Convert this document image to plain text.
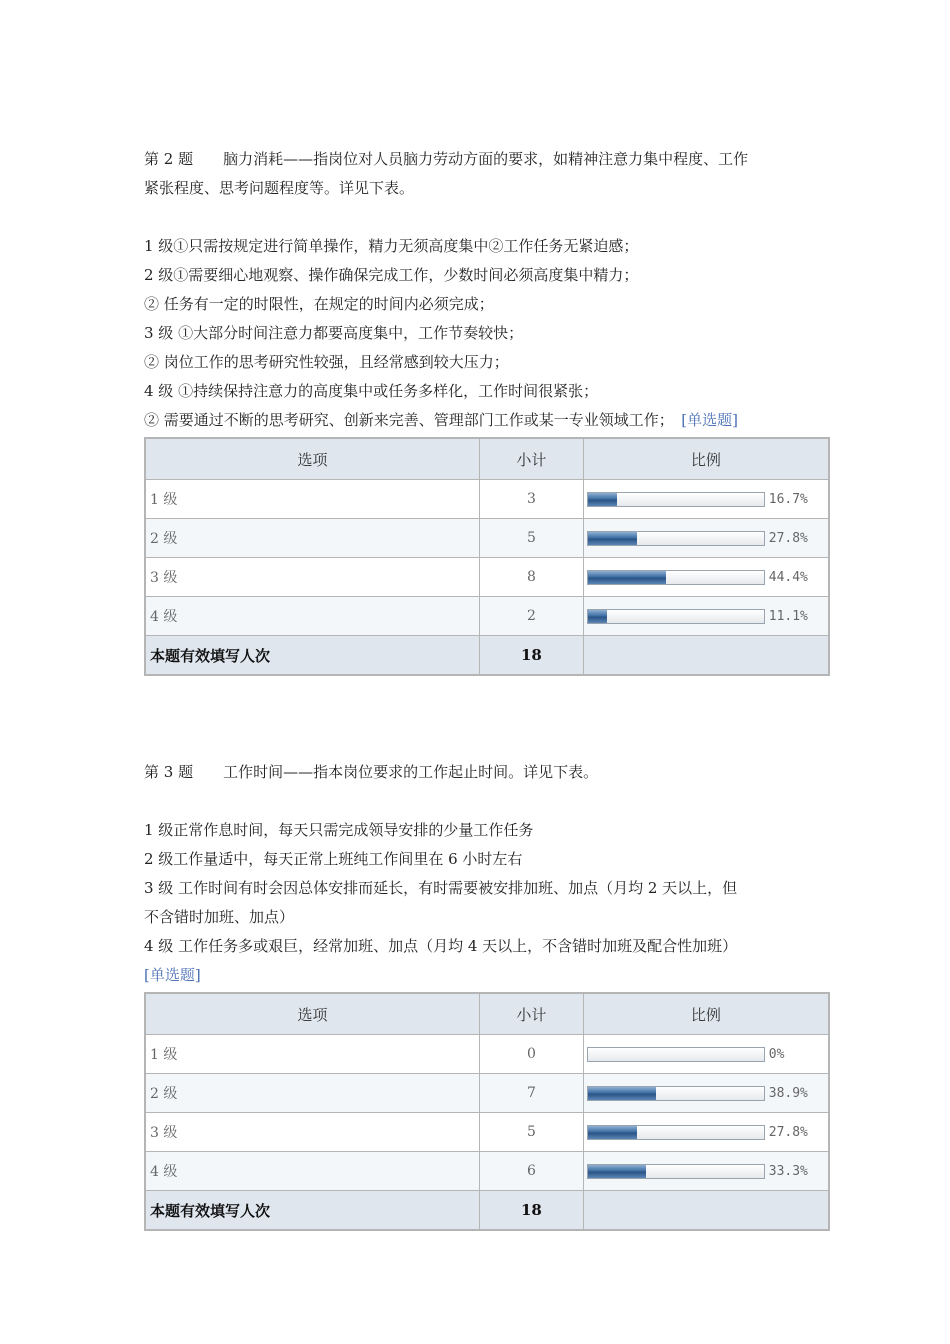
第 2 题　　脑力消耗——指岗位对人员脑力劳动方面的要求，如精神注意力集中程度、工作
紧张程度、思考问题程度等。详见下表。
1 级①只需按规定进行简单操作，精力无须高度集中②工作任务无紧迫感；
2 级①需要细心地观察、操作确保完成工作，少数时间必须高度集中精力；
② 任务有一定的时限性，在规定的时间内必须完成；
3 级 ①大部分时间注意力都要高度集中，工作节奏较快；
② 岗位工作的思考研究性较强，且经常感到较大压力；
4 级 ①持续保持注意力的高度集中或任务多样化，工作时间很紧张；
② 需要通过不断的思考研究、创新来完善、管理部门工作或某一专业领域工作；　[单选题]
选项	小计	比例
1 级	3	16.7%
2 级	5	27.8%
3 级	8	44.4%
4 级	2	11.1%
本题有效填写人次	18	
第 3 题　　工作时间——指本岗位要求的工作起止时间。详见下表。
1 级正常作息时间，每天只需完成领导安排的少量工作任务
2 级工作量适中，每天正常上班纯工作间里在 6 小时左右
3 级 工作时间有时会因总体安排而延长，有时需要被安排加班、加点（月均 2 天以上，但
不含错时加班、加点）
4 级 工作任务多或艰巨，经常加班、加点（月均 4 天以上，不含错时加班及配合性加班）
[单选题]
选项	小计	比例
1 级	0	0%
2 级	7	38.9%
3 级	5	27.8%
4 级	6	33.3%
本题有效填写人次	18	
